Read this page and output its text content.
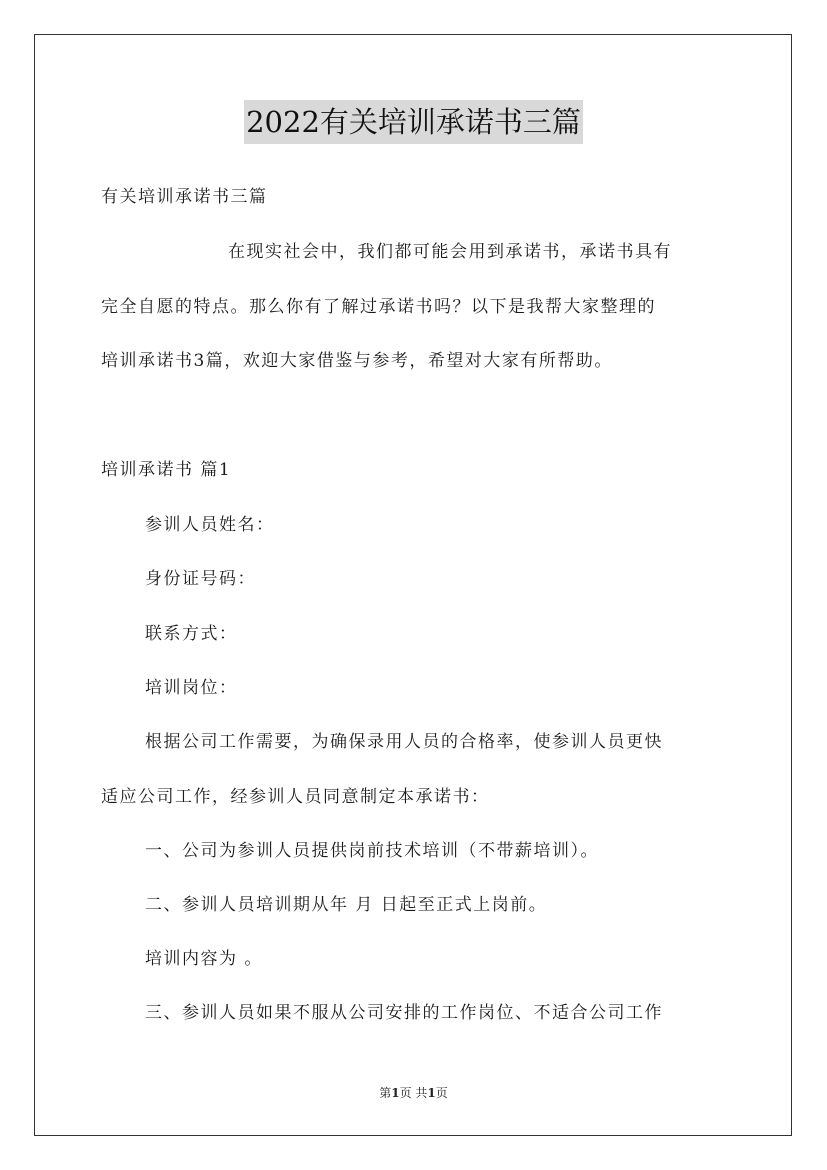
2022有关培训承诺书三篇
有关培训承诺书三篇
在现实社会中，我们都可能会用到承诺书，承诺书具有
完全自愿的特点。那么你有了解过承诺书吗？以下是我帮大家整理的
培训承诺书3篇，欢迎大家借鉴与参考，希望对大家有所帮助。
培训承诺书 篇1
参训人员姓名：
身份证号码：
联系方式：
培训岗位：
根据公司工作需要，为确保录用人员的合格率，使参训人员更快
适应公司工作，经参训人员同意制定本承诺书：
一、公司为参训人员提供岗前技术培训（不带薪培训）。
二、参训人员培训期从年 月 日起至正式上岗前。
培训内容为 。
三、参训人员如果不服从公司安排的工作岗位、不适合公司工作
第1页 共1页
